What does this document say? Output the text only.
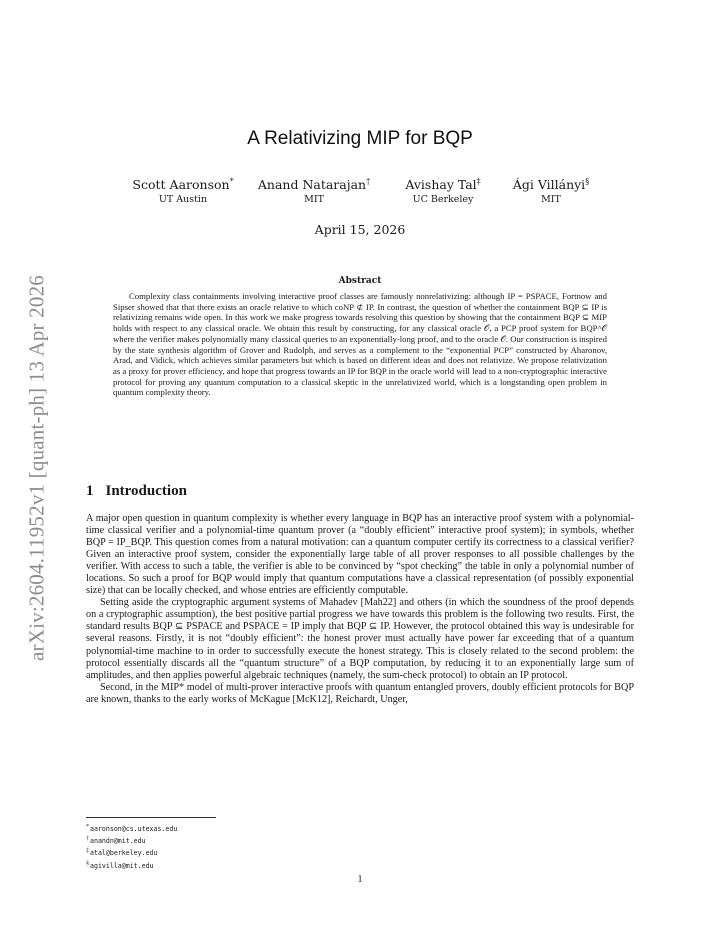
arXiv:2604.11952v1 [quant-ph] 13 Apr 2026
A Relativizing MIP for BQP
Scott Aaronson*
UT Austin
Anand Natarajan†
MIT
Avishay Tal‡
UC Berkeley
Ági Villányi§
MIT
April 15, 2026
Abstract
Complexity class containments involving interactive proof classes are famously nonrelativizing: although IP = PSPACE, Fortnow and Sipser showed that that there exists an oracle relative to which coNP ⊄ IP. In contrast, the question of whether the containment BQP ⊆ IP is relativizing remains wide open. In this work we make progress towards resolving this question by showing that the containment BQP ⊆ MIP holds with respect to any classical oracle. We obtain this result by constructing, for any classical oracle 𝒪, a PCP proof system for BQP^𝒪 where the verifier makes polynomially many classical queries to an exponentially-long proof, and to the oracle 𝒪. Our construction is inspired by the state synthesis algorithm of Grover and Rudolph, and serves as a complement to the “exponential PCP” constructed by Aharonov, Arad, and Vidick, which achieves similar parameters but which is based on different ideas and does not relativize. We propose relativization as a proxy for prover efficiency, and hope that progress towards an IP for BQP in the oracle world will lead to a non-cryptographic interactive protocol for proving any quantum computation to a classical skeptic in the unrelativized world, which is a longstanding open problem in quantum complexity theory.
1 Introduction

A major open question in quantum complexity is whether every language in BQP has an interactive proof system with a polynomial-time classical verifier and a polynomial-time quantum prover (a “doubly efficient” interactive proof system); in symbols, whether BQP = IP_BQP. This question comes from a natural motivation: can a quantum computer certify its correctness to a classical verifier? Given an interactive proof system, consider the exponentially large table of all prover responses to all possible challenges by the verifier. With access to such a table, the verifier is able to be convinced by “spot checking” the table in only a polynomial number of locations. So such a proof for BQP would imply that quantum computations have a classical representation (of possibly exponential size) that can be locally checked, and whose entries are efficiently computable.

Setting aside the cryptographic argument systems of Mahadev [Mah22] and others (in which the soundness of the proof depends on a cryptographic assumption), the best positive partial progress we have towards this problem is the following two results. First, the standard results BQP ⊆ PSPACE and PSPACE = IP imply that BQP ⊆ IP. However, the protocol obtained this way is undesirable for several reasons. Firstly, it is not “doubly efficient”: the honest prover must actually have power far exceeding that of a quantum polynomial-time machine to in order to successfully execute the honest strategy. This is closely related to the second problem: the protocol essentially discards all the “quantum structure” of a BQP computation, by reducing it to an exponentially large sum of amplitudes, and then applies powerful algebraic techniques (namely, the sum-check protocol) to obtain an IP protocol.

Second, in the MIP* model of multi-prover interactive proofs with quantum entangled provers, doubly efficient protocols for BQP are known, thanks to the early works of McKague [McK12], Reichardt, Unger,

*aaronson@cs.utexas.edu
†anandn@mit.edu
‡atal@berkeley.edu
§agivilla@mit.edu
1
